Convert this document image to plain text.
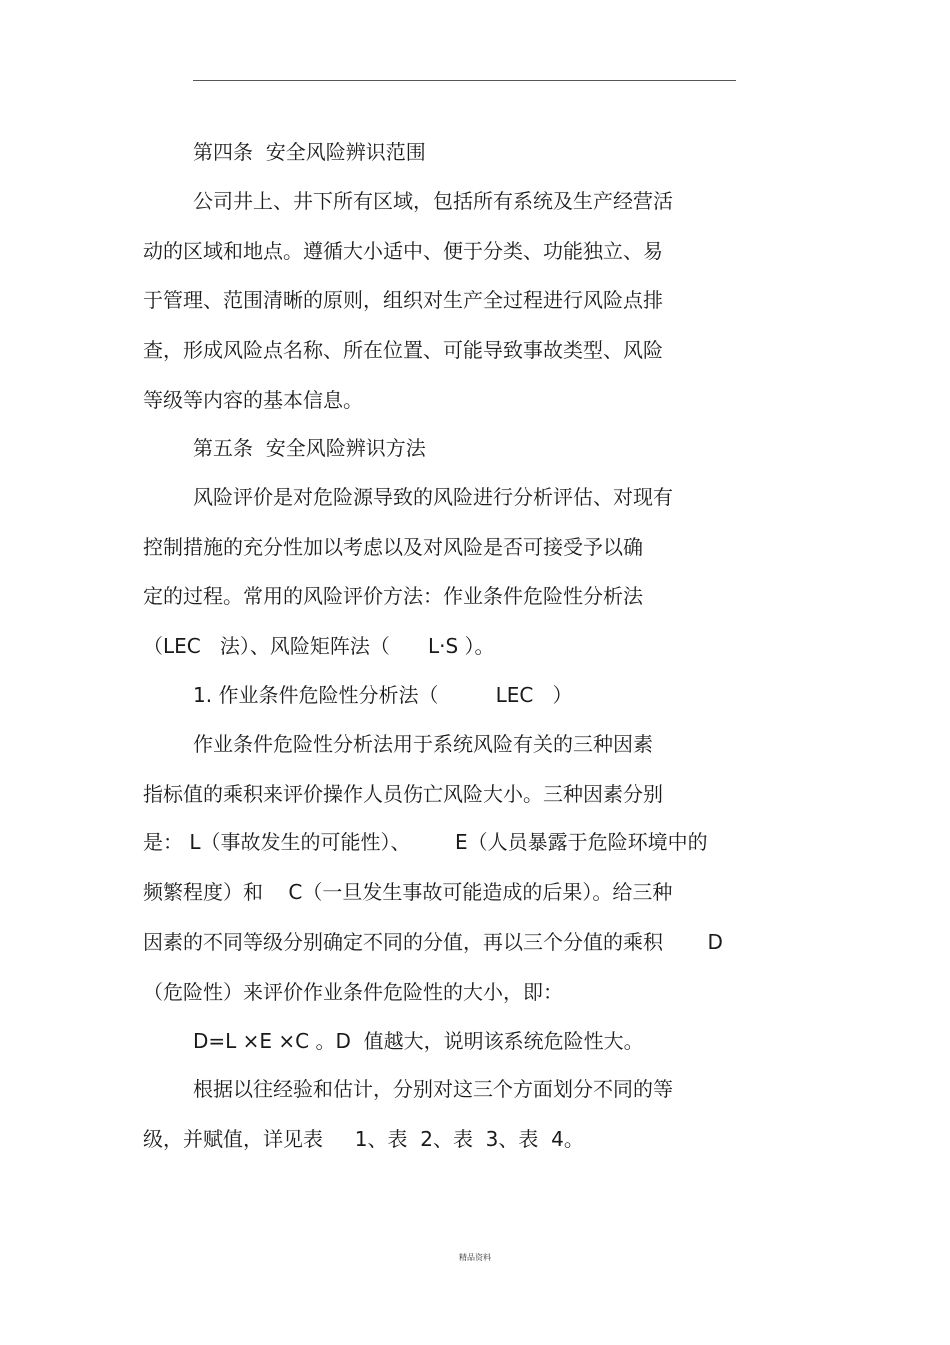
第四条  安全风险辨识范围
公司井上、井下所有区域，包括所有系统及生产经营活
动的区域和地点。遵循大小适中、便于分类、功能独立、易
于管理、范围清晰的原则，组织对生产全过程进行风险点排
查，形成风险点名称、所在位置、可能导致事故类型、风险
等级等内容的基本信息。
第五条  安全风险辨识方法
风险评价是对危险源导致的风险进行分析评估、对现有
控制措施的充分性加以考虑以及对风险是否可接受予以确
定的过程。常用的风险评价方法：作业条件危险性分析法
（LEC   法）、风险矩阵法（      L·S ）。
1. 作业条件危险性分析法（         LEC   ）
作业条件危险性分析法用于系统风险有关的三种因素
指标值的乘积来评价操作人员伤亡风险大小。三种因素分别
是： L（事故发生的可能性）、       E（人员暴露于危险环境中的
频繁程度）和    C（一旦发生事故可能造成的后果）。给三种
因素的不同等级分别确定不同的分值，再以三个分值的乘积       D
（危险性）来评价作业条件危险性的大小，即：
D=L ×E ×C 。D  值越大，说明该系统危险性大。
根据以往经验和估计，分别对这三个方面划分不同的等
级，并赋值，详见表     1、表  2、表  3、表  4。
精品资料
